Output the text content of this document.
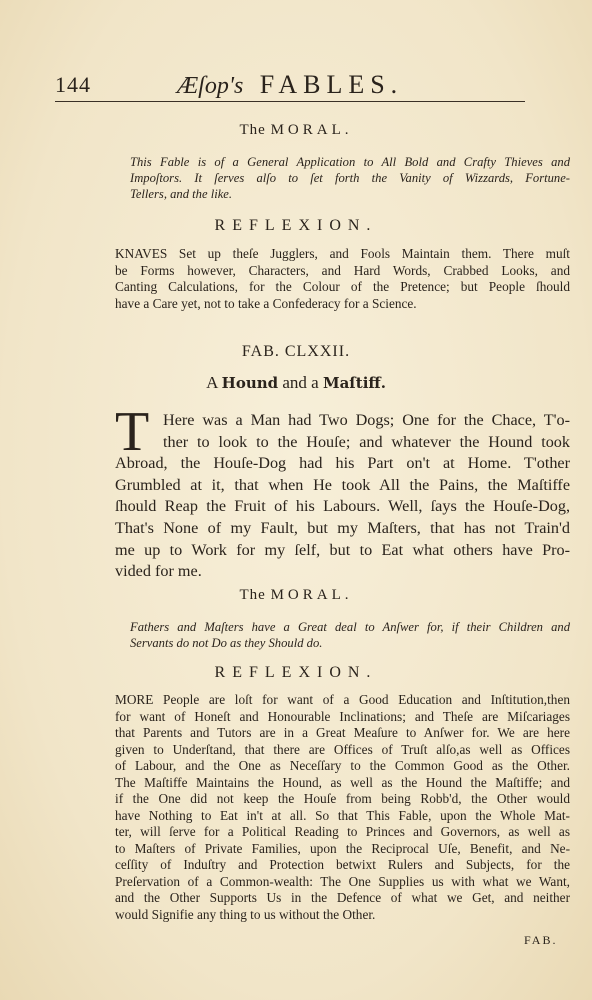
144	Æſop's FABLES.
The MORAL.
This Fable is of a General Application to All Bold and Crafty Thieves and
Impoſtors. It ſerves alſo to ſet forth the Vanity of Wizzards, Fortune-
Tellers, and the like.
REFLEXION.
KNAVES Set up theſe Jugglers, and Fools Maintain them. There muſt
be Forms however, Characters, and Hard Words, Crabbed Looks, and
Canting Calculations, for the Colour of the Pretence; but People ſhould
have a Care yet, not to take a Confederacy for a Science.
FAB. CLXXII.
A Hound and a Maſtiff.
T Here was a Man had Two Dogs; One for the Chace, T'o-
ther to look to the Houſe; and whatever the Hound took
Abroad, the Houſe-Dog had his Part on't at Home. T'other
Grumbled at it, that when He took All the Pains, the Maſtiffe
ſhould Reap the Fruit of his Labours. Well, ſays the Houſe-Dog,
That's None of my Fault, but my Maſters, that has not Train'd
me up to Work for my ſelf, but to Eat what others have Pro-
vided for me.
The MORAL.
Fathers and Maſters have a Great deal to Anſwer for, if their Children and
Servants do not Do as they Should do.
REFLEXION.
MORE People are loſt for want of a Good Education and Inſtitution,then
for want of Honeſt and Honourable Inclinations; and Theſe are Miſcariages
that Parents and Tutors are in a Great Meaſure to Anſwer for. We are here
given to Underſtand, that there are Offices of Truſt alſo,as well as Offices
of Labour, and the One as Neceſſary to the Common Good as the Other.
The Maſtiffe Maintains the Hound, as well as the Hound the Maſtiffe; and
if the One did not keep the Houſe from being Robb'd, the Other would
have Nothing to Eat in't at all. So that This Fable, upon the Whole Mat-
ter, will ſerve for a Political Reading to Princes and Governors, as well as
to Maſters of Private Families, upon the Reciprocal Uſe, Benefit, and Ne-
ceſſity of Induſtry and Protection betwixt Rulers and Subjects, for the
Preſervation of a Common-wealth: The One Supplies us with what we Want,
and the Other Supports Us in the Defence of what we Get, and neither
would Signifie any thing to us without the Other.
FAB.
